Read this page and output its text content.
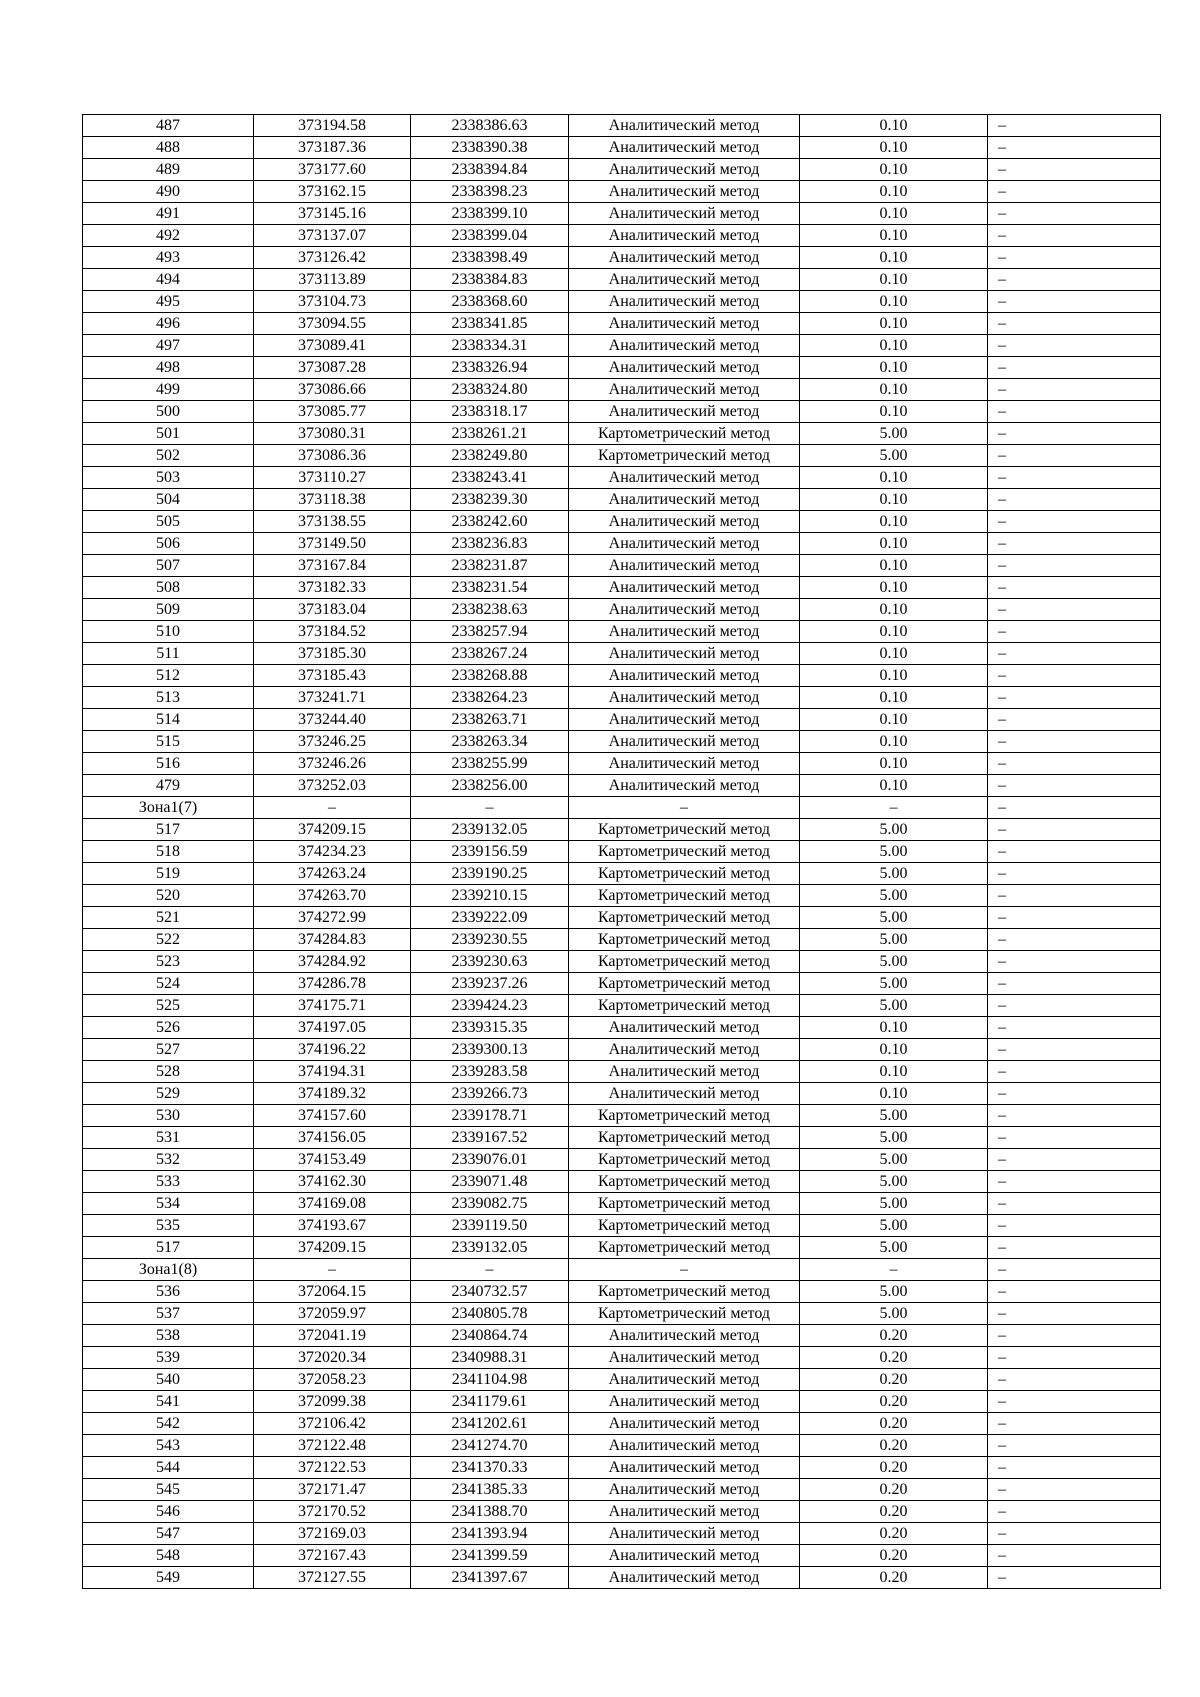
487	373194.58	2338386.63	Аналитический метод	0.10	–
488	373187.36	2338390.38	Аналитический метод	0.10	–
489	373177.60	2338394.84	Аналитический метод	0.10	–
490	373162.15	2338398.23	Аналитический метод	0.10	–
491	373145.16	2338399.10	Аналитический метод	0.10	–
492	373137.07	2338399.04	Аналитический метод	0.10	–
493	373126.42	2338398.49	Аналитический метод	0.10	–
494	373113.89	2338384.83	Аналитический метод	0.10	–
495	373104.73	2338368.60	Аналитический метод	0.10	–
496	373094.55	2338341.85	Аналитический метод	0.10	–
497	373089.41	2338334.31	Аналитический метод	0.10	–
498	373087.28	2338326.94	Аналитический метод	0.10	–
499	373086.66	2338324.80	Аналитический метод	0.10	–
500	373085.77	2338318.17	Аналитический метод	0.10	–
501	373080.31	2338261.21	Картометрический метод	5.00	–
502	373086.36	2338249.80	Картометрический метод	5.00	–
503	373110.27	2338243.41	Аналитический метод	0.10	–
504	373118.38	2338239.30	Аналитический метод	0.10	–
505	373138.55	2338242.60	Аналитический метод	0.10	–
506	373149.50	2338236.83	Аналитический метод	0.10	–
507	373167.84	2338231.87	Аналитический метод	0.10	–
508	373182.33	2338231.54	Аналитический метод	0.10	–
509	373183.04	2338238.63	Аналитический метод	0.10	–
510	373184.52	2338257.94	Аналитический метод	0.10	–
511	373185.30	2338267.24	Аналитический метод	0.10	–
512	373185.43	2338268.88	Аналитический метод	0.10	–
513	373241.71	2338264.23	Аналитический метод	0.10	–
514	373244.40	2338263.71	Аналитический метод	0.10	–
515	373246.25	2338263.34	Аналитический метод	0.10	–
516	373246.26	2338255.99	Аналитический метод	0.10	–
479	373252.03	2338256.00	Аналитический метод	0.10	–
Зона1(7)	–	–	–	–	–
517	374209.15	2339132.05	Картометрический метод	5.00	–
518	374234.23	2339156.59	Картометрический метод	5.00	–
519	374263.24	2339190.25	Картометрический метод	5.00	–
520	374263.70	2339210.15	Картометрический метод	5.00	–
521	374272.99	2339222.09	Картометрический метод	5.00	–
522	374284.83	2339230.55	Картометрический метод	5.00	–
523	374284.92	2339230.63	Картометрический метод	5.00	–
524	374286.78	2339237.26	Картометрический метод	5.00	–
525	374175.71	2339424.23	Картометрический метод	5.00	–
526	374197.05	2339315.35	Аналитический метод	0.10	–
527	374196.22	2339300.13	Аналитический метод	0.10	–
528	374194.31	2339283.58	Аналитический метод	0.10	–
529	374189.32	2339266.73	Аналитический метод	0.10	–
530	374157.60	2339178.71	Картометрический метод	5.00	–
531	374156.05	2339167.52	Картометрический метод	5.00	–
532	374153.49	2339076.01	Картометрический метод	5.00	–
533	374162.30	2339071.48	Картометрический метод	5.00	–
534	374169.08	2339082.75	Картометрический метод	5.00	–
535	374193.67	2339119.50	Картометрический метод	5.00	–
517	374209.15	2339132.05	Картометрический метод	5.00	–
Зона1(8)	–	–	–	–	–
536	372064.15	2340732.57	Картометрический метод	5.00	–
537	372059.97	2340805.78	Картометрический метод	5.00	–
538	372041.19	2340864.74	Аналитический метод	0.20	–
539	372020.34	2340988.31	Аналитический метод	0.20	–
540	372058.23	2341104.98	Аналитический метод	0.20	–
541	372099.38	2341179.61	Аналитический метод	0.20	–
542	372106.42	2341202.61	Аналитический метод	0.20	–
543	372122.48	2341274.70	Аналитический метод	0.20	–
544	372122.53	2341370.33	Аналитический метод	0.20	–
545	372171.47	2341385.33	Аналитический метод	0.20	–
546	372170.52	2341388.70	Аналитический метод	0.20	–
547	372169.03	2341393.94	Аналитический метод	0.20	–
548	372167.43	2341399.59	Аналитический метод	0.20	–
549	372127.55	2341397.67	Аналитический метод	0.20	–
